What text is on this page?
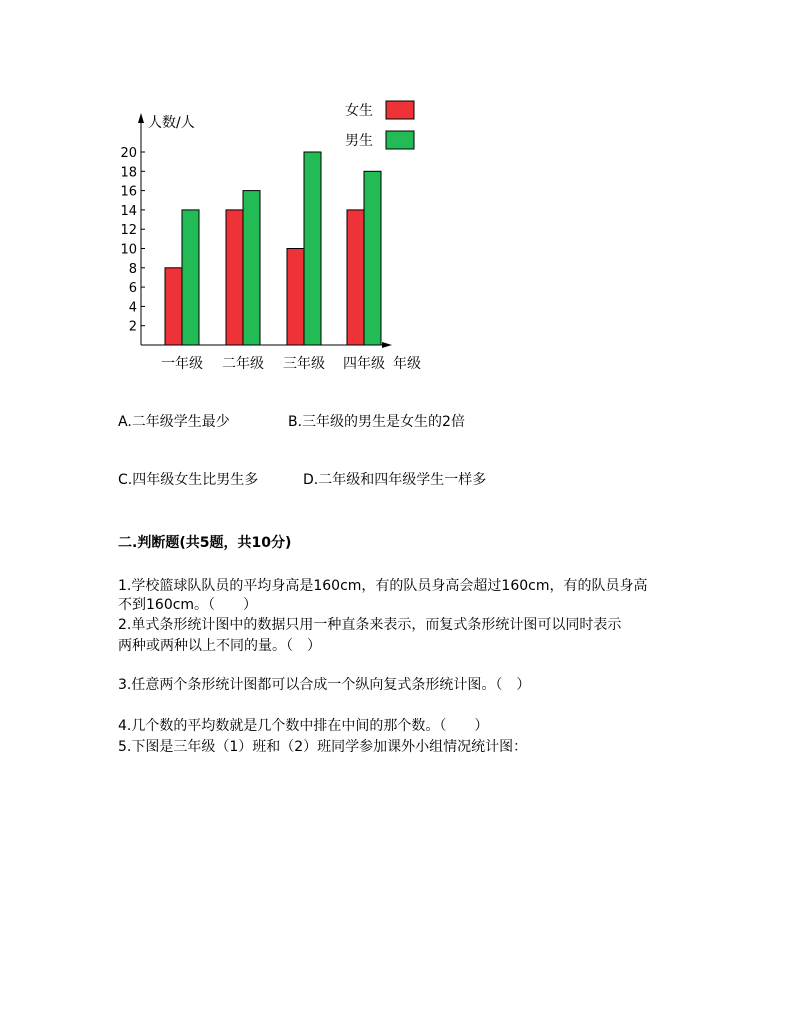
人数/人
年级
2
4
6
8
10
12
14
16
18
20
一年级 二年级 三年级 四年级
女生
男生
A.二年级学生最少	B.三年级的男生是女生的2倍
C.四年级女生比男生多	D.二年级和四年级学生一样多
二.判断题(共5题，共10分)
1.学校篮球队队员的平均身高是160cm，有的队员身高会超过160cm，有的队员身高
不到160cm。（　　）
2.单式条形统计图中的数据只用一种直条来表示，而复式条形统计图可以同时表示
两种或两种以上不同的量。（　）
3.任意两个条形统计图都可以合成一个纵向复式条形统计图。（　）
4.几个数的平均数就是几个数中排在中间的那个数。（　　）
5.下图是三年级（1）班和（2）班同学参加课外小组情况统计图：
